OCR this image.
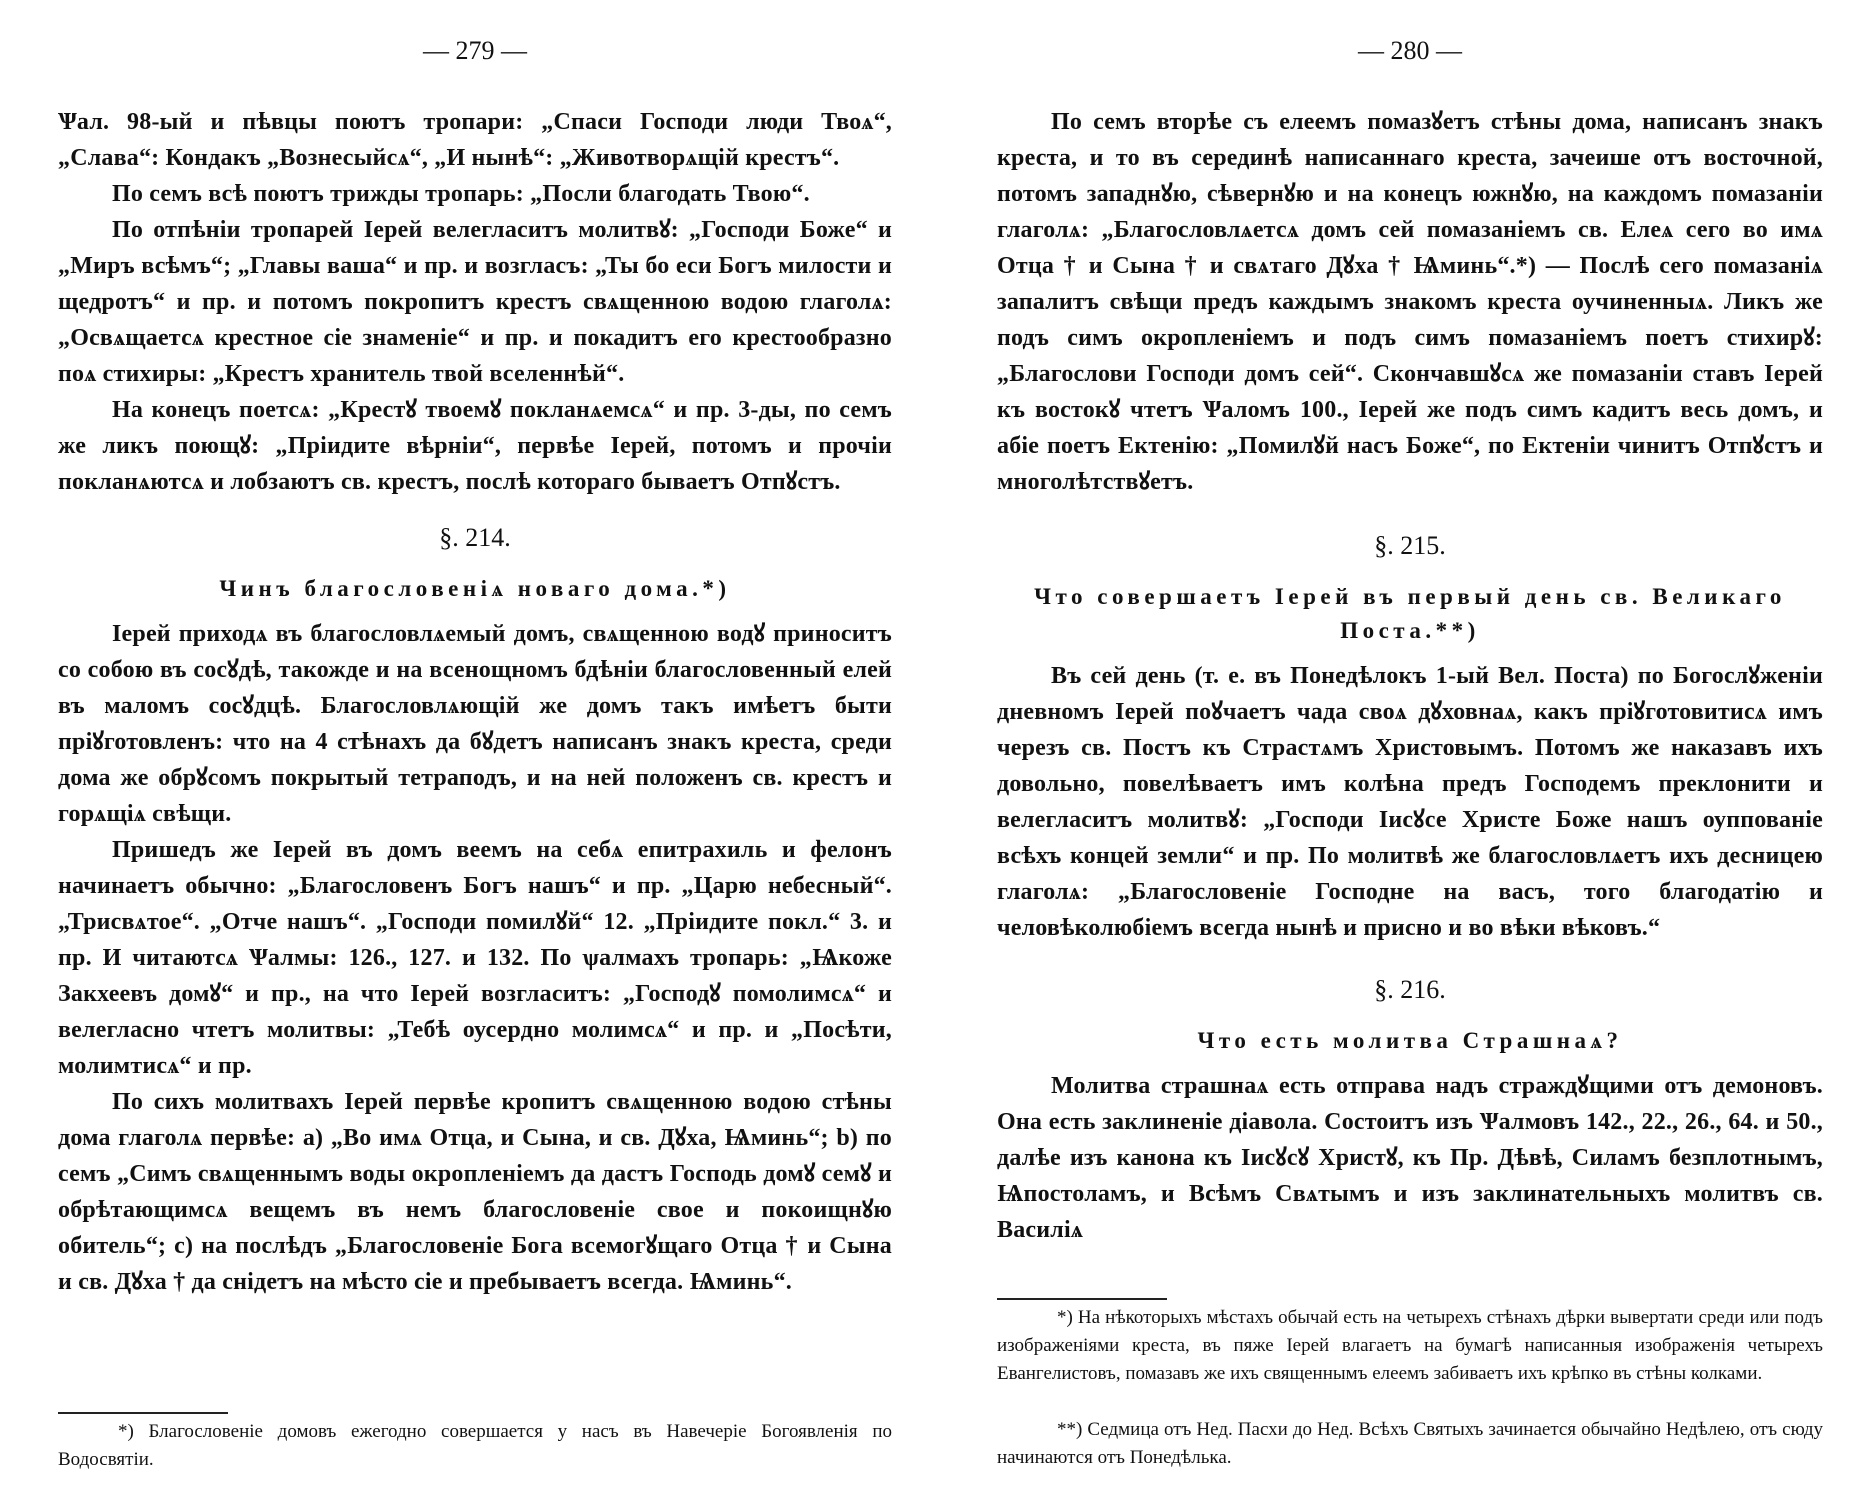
— 279 —

Ѱал. 98-ый и пѣвцы поютъ тропари: „Спаси Господи люди Твоѧ“, „Слава“: Кондакъ „Вознесыйсѧ“, „И нынѣ“: „Животворѧщій крестъ“.

По семъ всѣ поютъ трижды тропарь: „Посли благодать Твою“.

По отпѣніи тропарей Іерей велегласитъ молитвꙋ: „Господи Боже“ и „Миръ всѣмъ“; „Главы ваша“ и пр. и возгласъ: „Ты бо еси Богъ милости и щедротъ“ и пр. и потомъ покропитъ крестъ свѧщенною водою глаголѧ: „Освѧщаетсѧ крестное сіе знаменіе“ и пр. и покадитъ его крестообразно поѧ стихиры: „Крестъ хранитель твой вселеннѣй“.

На конецъ поетсѧ: „Крестꙋ твоемꙋ покланѧемсѧ“ и пр. 3-ды, по семъ же ликъ поющꙋ: „Пріидите вѣрніи“, первѣе Іерей, потомъ и прочіи покланѧютсѧ и лобзаютъ св. крестъ, послѣ котораго бываетъ Отпꙋстъ.

§. 214.
Чинъ благословеніѧ новаго дома.*)

Іерей приходѧ въ благословлѧемый домъ, свѧщенною водꙋ приноситъ со собою въ сосꙋдѣ, такожде и на всенощномъ бдѣніи благословенный елей въ маломъ сосꙋдцѣ. Благословлѧющій же домъ такъ имѣетъ быти пріꙋготовленъ: что на 4 стѣнахъ да бꙋдетъ написанъ знакъ креста, среди дома же обрꙋсомъ покрытый тетраподъ, и на ней положенъ св. крестъ и горѧщіѧ свѣщи.

Пришедъ же Іерей въ домъ веемъ на себѧ епитрахиль и фелонъ начинаетъ обычно: „Благословенъ Богъ нашъ“ и пр. „Царю небесный“. „Трисвѧтое“. „Отче нашъ“. „Господи помилꙋй“ 12. „Пріидите покл.“ 3. и пр. И читаютсѧ Ѱалмы: 126., 127. и 132. По ѱалмахъ тропарь: „Ѩкоже Закхеевъ домꙋ“ и пр., на что Іерей возгласитъ: „Господꙋ помолимсѧ“ и велегласно чтетъ молитвы: „Тебѣ оусердно молимсѧ“ и пр. и „Посѣти, молимтисѧ“ и пр.

По сихъ молитвахъ Іерей первѣе кропитъ свѧщенною водою стѣны дома глаголѧ первѣе: a) „Во имѧ Отца, и Сына, и св. Дꙋха, Ѩминь“; b) по семъ „Симъ свѧщеннымъ воды окропленіемъ да дастъ Господь домꙋ семꙋ и обрѣтающимсѧ вещемъ въ немъ благословеніе свое и покоищнꙋю обитель“; c) на послѣдъ „Благословеніе Бога всемогꙋщаго Отца † и Сына и св. Дꙋха † да снідетъ на мѣсто сіе и пребываетъ всегда. Ѩминь“.

*) Благословеніе домовъ ежегодно совершается у насъ въ Навечеріе Богоявленія по Водосвятіи.
— 280 —

По семъ вторѣе съ елеемъ помазꙋетъ стѣны дома, написанъ знакъ креста, и то въ серединѣ написаннаго креста, зачеише отъ восточной, потомъ западнꙋю, сѣвернꙋю и на конецъ южнꙋю, на каждомъ помазаніи глаголѧ: „Благословлѧетсѧ домъ сей помазаніемъ св. Елеѧ сего во имѧ Отца † и Сына † и свѧтаго Дꙋха † Ѩминь“.*) — Послѣ сего помазаніѧ запалитъ свѣщи предъ каждымъ знакомъ креста оучиненныѧ. Ликъ же подъ симъ окропленіемъ и подъ симъ помазаніемъ поетъ стихирꙋ: „Благослови Господи домъ сей“. Скончавшꙋсѧ же помазаніи ставъ Іерей къ востокꙋ чтетъ Ѱаломъ 100., Іерей же подъ симъ кадитъ весь домъ, и абіе поетъ Ектенію: „Помилꙋй насъ Боже“, по Ектеніи чинитъ Отпꙋстъ и многолѣтствꙋетъ.

§. 215.
Что совершаетъ Іерей въ первый день св. Великаго Поста.**)

Въ сей день (т. е. въ Понедѣлокъ 1-ый Вел. Поста) по Богослꙋженіи дневномъ Іерей поꙋчаетъ чада своѧ дꙋховнаѧ, какъ пріꙋготовитисѧ имъ черезъ св. Постъ къ Страстѧмъ Христовымъ. Потомъ же наказавъ ихъ довольно, повелѣваетъ имъ колѣна предъ Господемъ преклонити и велегласитъ молитвꙋ: „Господи Іисꙋсе Христе Боже нашъ оуппованіе всѣхъ концей земли“ и пр. По молитвѣ же благословлѧетъ ихъ десницею глаголѧ: „Благословеніе Господне на васъ, того благодатію и человѣколюбіемъ всегда нынѣ и присно и во вѣки вѣковъ.“

§. 216.
Что есть молитва Страшнаѧ?

Молитва страшнаѧ есть отправа надъ страждꙋщими отъ демоновъ. Она есть заклиненіе діавола. Состоитъ изъ Ѱалмовъ 142., 22., 26., 64. и 50., далѣе изъ канона къ Іисꙋсꙋ Христꙋ, къ Пр. Дѣвѣ, Силамъ безплотнымъ, Ѩпостоламъ, и Всѣмъ Свѧтымъ и изъ заклинательныхъ молитвъ св. Василіѧ

*) На нѣкоторыхъ мѣстахъ обычай есть на четырехъ стѣнахъ дѣрки вывертати среди или подъ изображеніями креста, въ пяже Іерей влагаетъ на бумагѣ написанныя изображенія четырехъ Евангелистовъ, помазавъ же ихъ священнымъ елеемъ забиваетъ ихъ крѣпко въ стѣны колками.
**) Седмица отъ Нед. Пасхи до Нед. Всѣхъ Святыхъ зачинается обычайно Недѣлею, отъ сюду начинаются отъ Понедѣлька.
